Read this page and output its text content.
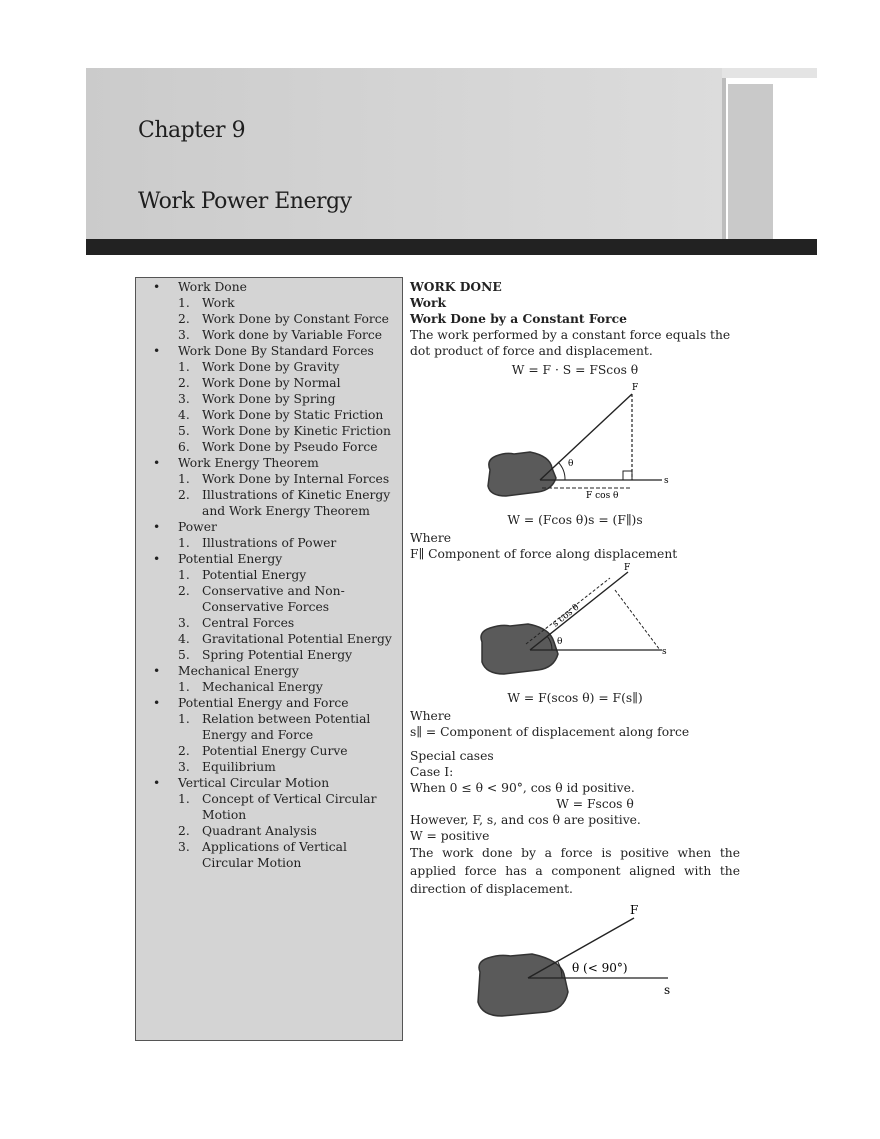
Chapter 9
Work Power Energy
• Work Done
1. Work
2. Work Done by Constant Force
3. Work done by Variable Force
• Work Done By Standard Forces
1. Work Done by Gravity
2. Work Done by Normal
3. Work Done by Spring
4. Work Done by Static Friction
5. Work Done by Kinetic Friction
6. Work Done by Pseudo Force
• Work Energy Theorem
1. Work Done by Internal Forces
2. Illustrations of Kinetic Energy and Work Energy Theorem
• Power
1. Illustrations of Power
• Potential Energy
1. Potential Energy
2. Conservative and Non-Conservative Forces
3. Central Forces
4. Gravitational Potential Energy
5. Spring Potential Energy
• Mechanical Energy
1. Mechanical Energy
• Potential Energy and Force
1. Relation between Potential Energy and Force
2. Potential Energy Curve
3. Equilibrium
• Vertical Circular Motion
1. Concept of Vertical Circular Motion
2. Quadrant Analysis
3. Applications of Vertical Circular Motion
WORK DONE
Work
Work Done by a Constant Force
The work performed by a constant force equals the dot product of force and displacement.
W = F · S = FScos θ
F
θ
s
F cos θ
W = (Fcos θ)s = (F∥)s
Where
F∥ Component of force along displacement
F
θ
s
s cos θ
W = F(scos θ) = F(s∥)
Where
s∥ = Component of displacement along force
Special cases
Case I:
When 0 ≤ θ < 90°, cos θ id positive.
W = Fscos θ
However, F, s, and cos θ are positive.
W = positive
The work done by a force is positive when the applied force has a component aligned with the direction of displacement.
F
θ (< 90°)
s
